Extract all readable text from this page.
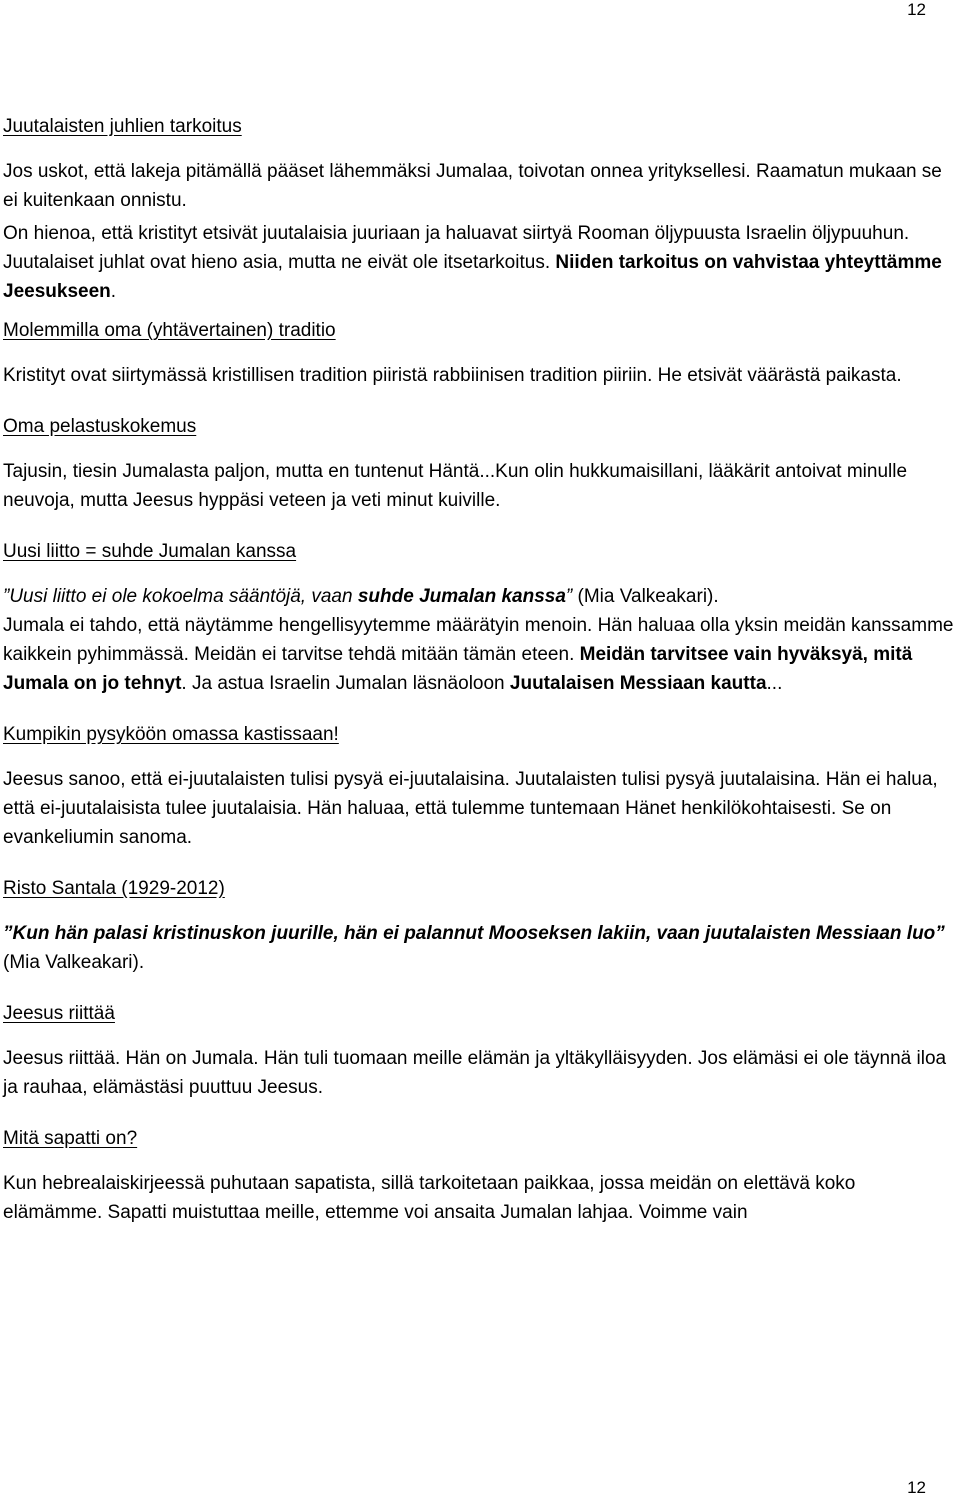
12
Juutalaisten juhlien tarkoitus

Jos uskot, että lakeja pitämällä pääset lähemmäksi Jumalaa, toivotan onnea yrityksellesi. Raamatun mukaan se ei kuitenkaan onnistu.

On hienoa, että kristityt etsivät juutalaisia juuriaan ja haluavat siirtyä Rooman öljypuusta Israelin öljypuuhun. Juutalaiset juhlat ovat hieno asia, mutta ne eivät ole itsetarkoitus. Niiden tarkoitus on vahvistaa yhteyttämme Jeesukseen.

Molemmilla oma (yhtävertainen) traditio

Kristityt ovat siirtymässä kristillisen tradition piiristä rabbiinisen tradition piiriin. He etsivät väärästä paikasta.

Oma pelastuskokemus

Tajusin, tiesin Jumalasta paljon, mutta en tuntenut Häntä...Kun olin hukkumaisillani, lääkärit antoivat minulle neuvoja, mutta Jeesus hyppäsi veteen ja veti minut kuiville.

Uusi liitto = suhde Jumalan kanssa

”Uusi liitto ei ole kokoelma sääntöjä, vaan suhde Jumalan kanssa” (Mia Valkeakari).

Jumala ei tahdo, että näytämme hengellisyytemme määrätyin menoin. Hän haluaa olla yksin meidän kanssamme kaikkein pyhimmässä. Meidän ei tarvitse tehdä mitään tämän eteen. Meidän tarvitsee vain hyväksyä, mitä Jumala on jo tehnyt. Ja astua Israelin Jumalan läsnäoloon Juutalaisen Messiaan kautta...

Kumpikin pysyköön omassa kastissaan!

Jeesus sanoo, että ei-juutalaisten tulisi pysyä ei-juutalaisina. Juutalaisten tulisi pysyä juutalaisina. Hän ei halua, että ei-juutalaisista tulee juutalaisia. Hän haluaa, että tulemme tuntemaan Hänet henkilökohtaisesti. Se on evankeliumin sanoma.

Risto Santala (1929-2012)

”Kun hän palasi kristinuskon juurille, hän ei palannut Mooseksen lakiin, vaan juutalaisten Messiaan luo” (Mia Valkeakari).

Jeesus riittää

Jeesus riittää. Hän on Jumala. Hän tuli tuomaan meille elämän ja yltäkylläisyyden. Jos elämäsi ei ole täynnä iloa ja rauhaa, elämästäsi puuttuu Jeesus.

Mitä sapatti on?

Kun hebrealaiskirjeessä puhutaan sapatista, sillä tarkoitetaan paikkaa, jossa meidän on elettävä koko elämämme. Sapatti muistuttaa meille, ettemme voi ansaita Jumalan lahjaa. Voimme vain

12
